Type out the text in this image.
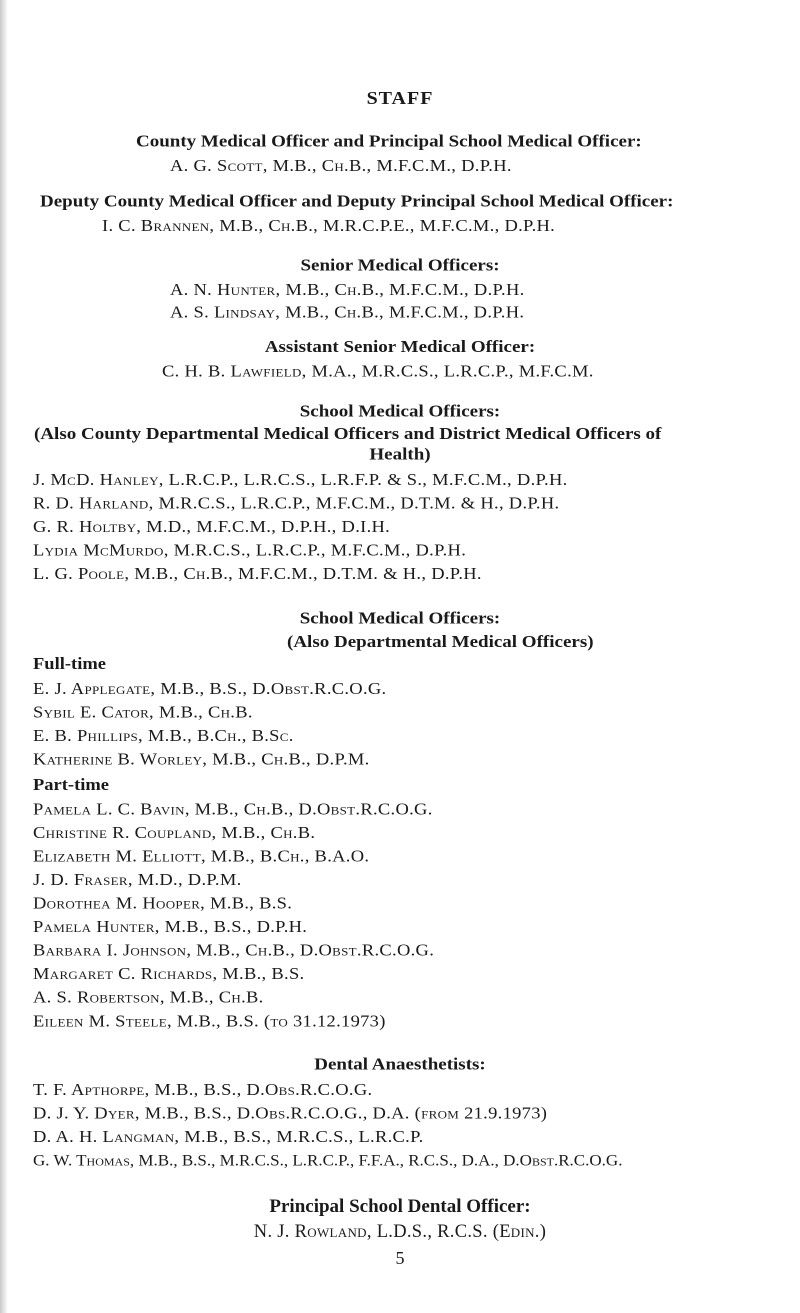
STAFF
County Medical Officer and Principal School Medical Officer:
A. G. Scott, M.B., Ch.B., M.F.C.M., D.P.H.
Deputy County Medical Officer and Deputy Principal School Medical Officer:
I. C. Brannen, M.B., Ch.B., M.R.C.P.E., M.F.C.M., D.P.H.
Senior Medical Officers:
A. N. Hunter, M.B., Ch.B., M.F.C.M., D.P.H.
A. S. Lindsay, M.B., Ch.B., M.F.C.M., D.P.H.
Assistant Senior Medical Officer:
C. H. B. Lawfield, M.A., M.R.C.S., L.R.C.P., M.F.C.M.
School Medical Officers:
(Also County Departmental Medical Officers and District Medical Officers of
Health)
J. McD. Hanley, L.R.C.P., L.R.C.S., L.R.F.P. & S., M.F.C.M., D.P.H.
R. D. Harland, M.R.C.S., L.R.C.P., M.F.C.M., D.T.M. & H., D.P.H.
G. R. Holtby, M.D., M.F.C.M., D.P.H., D.I.H.
Lydia McMurdo, M.R.C.S., L.R.C.P., M.F.C.M., D.P.H.
L. G. Poole, M.B., Ch.B., M.F.C.M., D.T.M. & H., D.P.H.
School Medical Officers:
(Also Departmental Medical Officers)
Full-time
E. J. Applegate, M.B., B.S., D.Obst.R.C.O.G.
Sybil E. Cator, M.B., Ch.B.
E. B. Phillips, M.B., B.Ch., B.Sc.
Katherine B. Worley, M.B., Ch.B., D.P.M.
Part-time
Pamela L. C. Bavin, M.B., Ch.B., D.Obst.R.C.O.G.
Christine R. Coupland, M.B., Ch.B.
Elizabeth M. Elliott, M.B., B.Ch., B.A.O.
J. D. Fraser, M.D., D.P.M.
Dorothea M. Hooper, M.B., B.S.
Pamela Hunter, M.B., B.S., D.P.H.
Barbara I. Johnson, M.B., Ch.B., D.Obst.R.C.O.G.
Margaret C. Richards, M.B., B.S.
A. S. Robertson, M.B., Ch.B.
Eileen M. Steele, M.B., B.S. (to 31.12.1973)
Dental Anaesthetists:
T. F. Apthorpe, M.B., B.S., D.Obs.R.C.O.G.
D. J. Y. Dyer, M.B., B.S., D.Obs.R.C.O.G., D.A. (from 21.9.1973)
D. A. H. Langman, M.B., B.S., M.R.C.S., L.R.C.P.
G. W. Thomas, M.B., B.S., M.R.C.S., L.R.C.P., F.F.A., R.C.S., D.A., D.Obst.R.C.O.G.
Principal School Dental Officer:
N. J. Rowland, L.D.S., R.C.S. (Edin.)
5
